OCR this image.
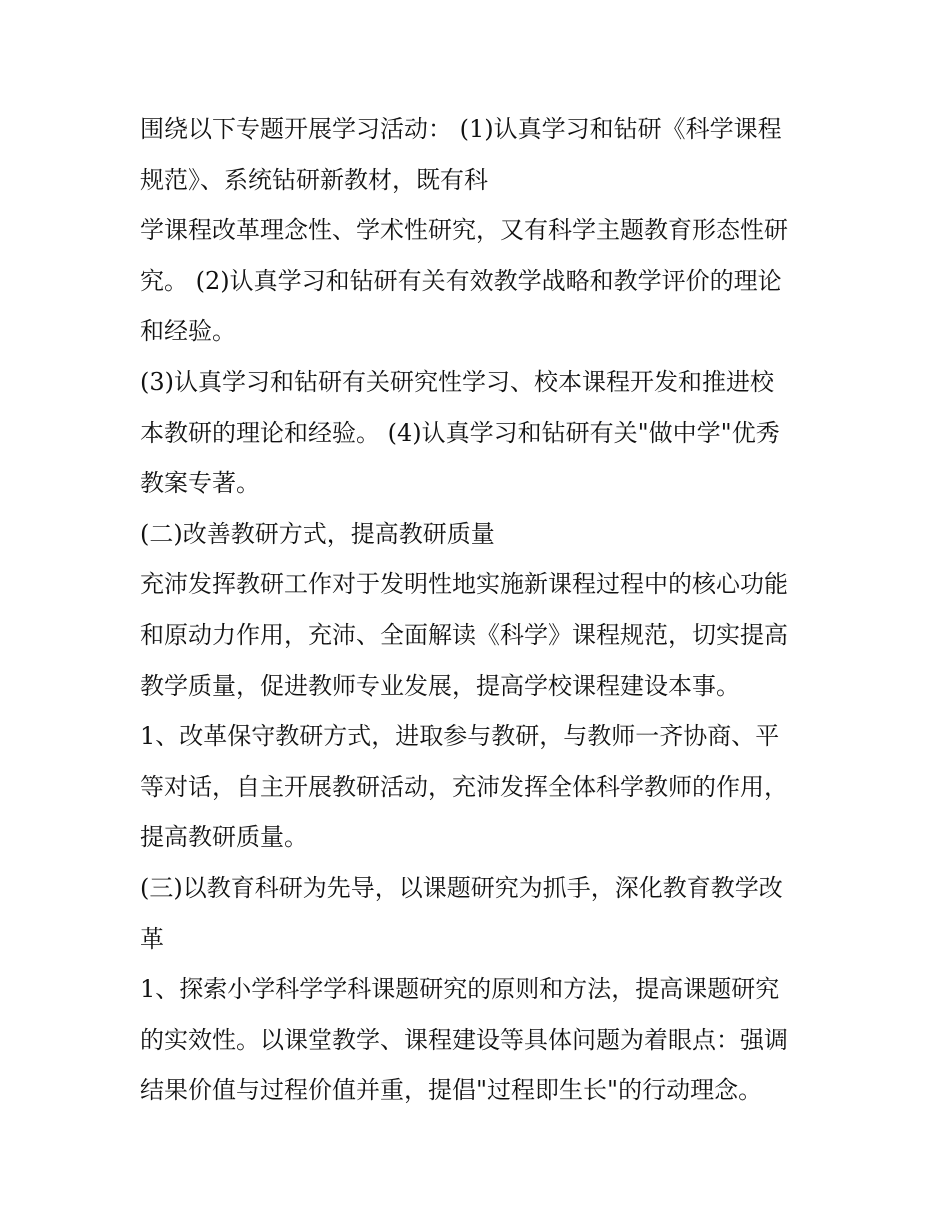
围绕以下专题开展学习活动： (1)认真学习和钻研《科学课程
规范》、系统钻研新教材，既有科
学课程改革理念性、学术性研究，又有科学主题教育形态性研
究。 (2)认真学习和钻研有关有效教学战略和教学评价的理论
和经验。
(3)认真学习和钻研有关研究性学习、校本课程开发和推进校
本教研的理论和经验。 (4)认真学习和钻研有关"做中学"优秀
教案专著。
(二)改善教研方式，提高教研质量
充沛发挥教研工作对于发明性地实施新课程过程中的核心功能
和原动力作用，充沛、全面解读《科学》课程规范，切实提高
教学质量，促进教师专业发展，提高学校课程建设本事。
1、改革保守教研方式，进取参与教研，与教师一齐协商、平
等对话，自主开展教研活动，充沛发挥全体科学教师的作用，
提高教研质量。
(三)以教育科研为先导，以课题研究为抓手，深化教育教学改
革
1、探索小学科学学科课题研究的原则和方法，提高课题研究
的实效性。以课堂教学、课程建设等具体问题为着眼点：强调
结果价值与过程价值并重，提倡"过程即生长"的行动理念。
